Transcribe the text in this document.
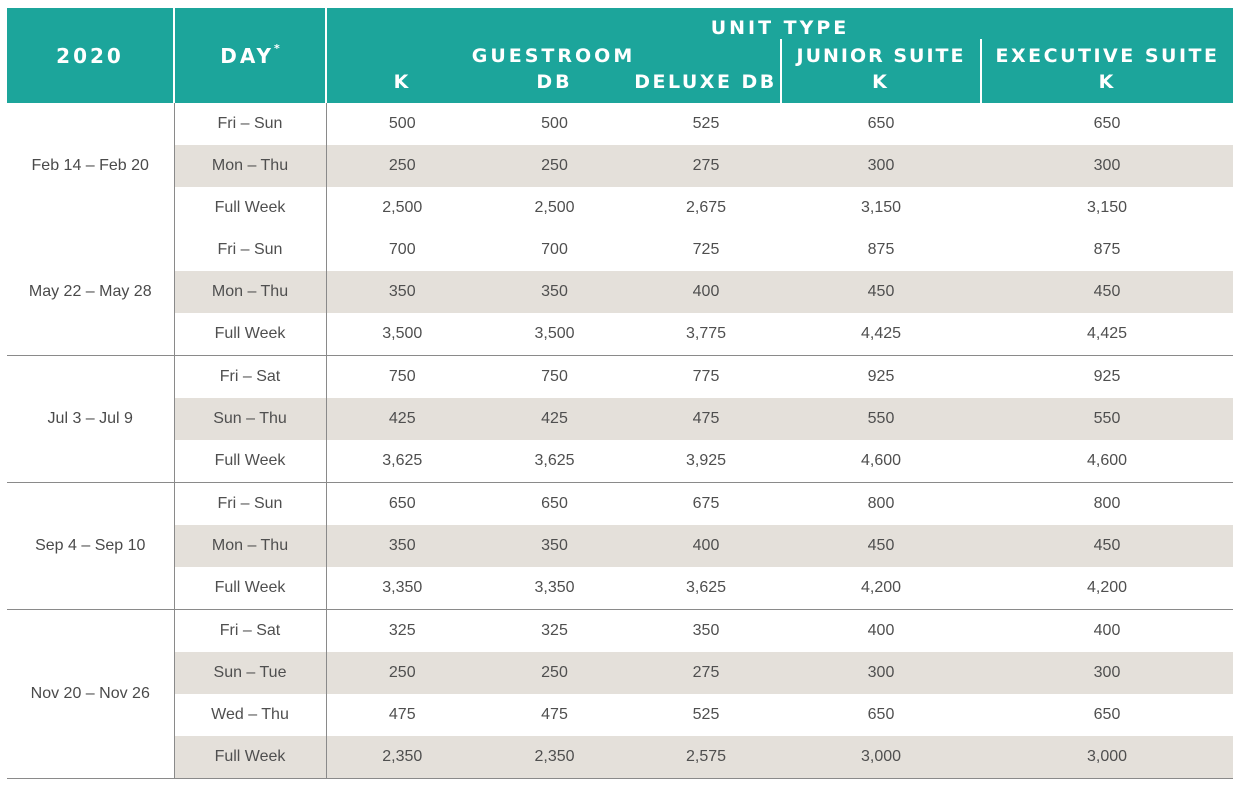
2020	DAY*	UNIT TYPE				
		GUESTROOM			JUNIOR SUITE	EXECUTIVE SUITE
		K	DB	DELUXE DB	K	K
Feb 14 – Feb 20	Fri – Sun	500	500	525	650	650
	Mon – Thu	250	250	275	300	300
	Full Week	2,500	2,500	2,675	3,150	3,150
May 22 – May 28	Fri – Sun	700	700	725	875	875
	Mon – Thu	350	350	400	450	450
	Full Week	3,500	3,500	3,775	4,425	4,425
Jul 3 – Jul 9	Fri – Sat	750	750	775	925	925
	Sun – Thu	425	425	475	550	550
	Full Week	3,625	3,625	3,925	4,600	4,600
Sep 4 – Sep 10	Fri – Sun	650	650	675	800	800
	Mon – Thu	350	350	400	450	450
	Full Week	3,350	3,350	3,625	4,200	4,200
Nov 20 – Nov 26	Fri – Sat	325	325	350	400	400
	Sun – Tue	250	250	275	300	300
	Wed – Thu	475	475	525	650	650
	Full Week	2,350	2,350	2,575	3,000	3,000
